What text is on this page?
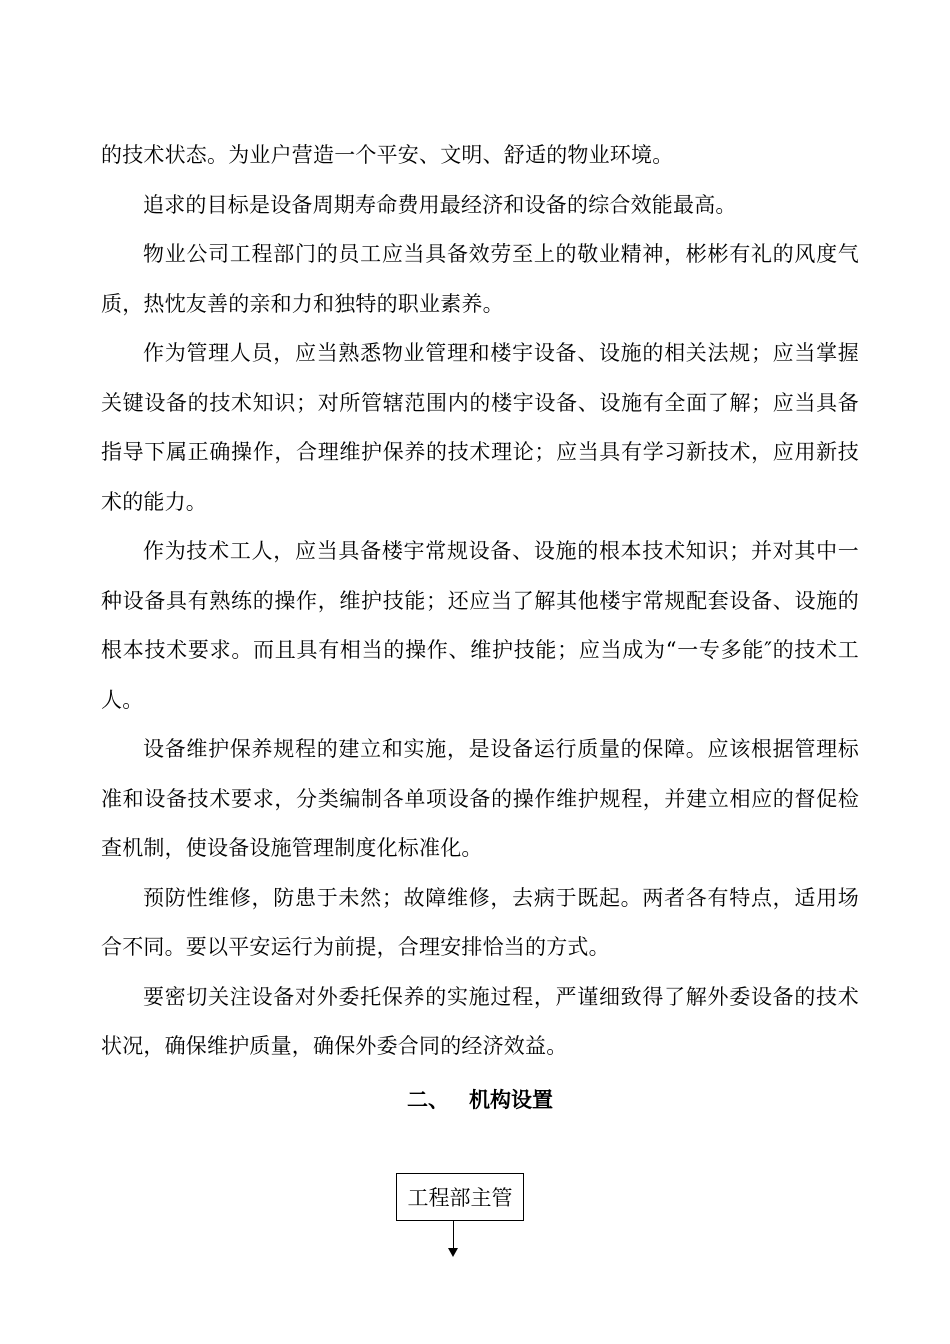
的技术状态。为业户营造一个平安、文明、舒适的物业环境。

追求的目标是设备周期寿命费用最经济和设备的综合效能最高。

物业公司工程部门的员工应当具备效劳至上的敬业精神，彬彬有礼的风度气质，热忱友善的亲和力和独特的职业素养。

作为管理人员，应当熟悉物业管理和楼宇设备、设施的相关法规；应当掌握关键设备的技术知识；对所管辖范围内的楼宇设备、设施有全面了解；应当具备指导下属正确操作，合理维护保养的技术理论；应当具有学习新技术，应用新技术的能力。

作为技术工人，应当具备楼宇常规设备、设施的根本技术知识；并对其中一种设备具有熟练的操作，维护技能；还应当了解其他楼宇常规配套设备、设施的根本技术要求。而且具有相当的操作、维护技能；应当成为“一专多能″的技术工人。

设备维护保养规程的建立和实施，是设备运行质量的保障。应该根据管理标准和设备技术要求，分类编制各单项设备的操作维护规程，并建立相应的督促检查机制，使设备设施管理制度化标准化。

预防性维修，防患于未然；故障维修，去病于既起。两者各有特点，适用场合不同。要以平安运行为前提，合理安排恰当的方式。

要密切关注设备对外委托保养的实施过程，严谨细致得了解外委设备的技术状况，确保维护质量，确保外委合同的经济效益。

二、 机构设置
工程部主管
